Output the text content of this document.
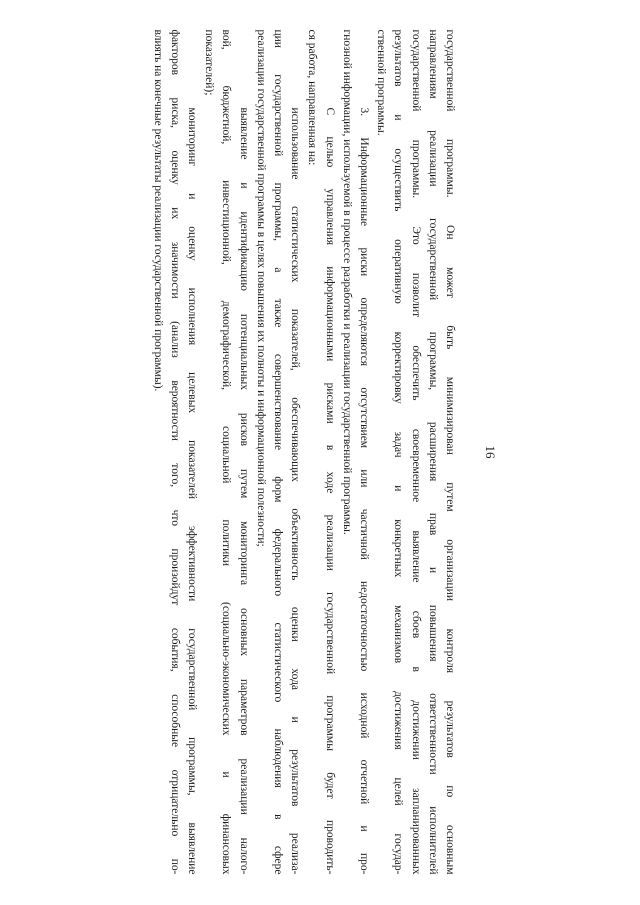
16
государственной программы. Он может быть минимизирован путем организации контроля результатов по основным
направлениям реализации государственной программы, расширения прав и повышения ответственности исполнителей
государственной программы. Это позволит обеспечить своевременное выявление сбоев в достижении запланированных
результатов и осуществить оперативную корректировку задач и конкретных механизмов достижения целей государ-
ственной программы.
3. Информационные риски определяются отсутствием или частичной недостаточностью исходной отчетной и про-
гнозной информации, используемой в процессе разработки и реализации государственной программы.
С целью управления информационными рисками в ходе реализации государственной программы будет проводить-
ся работа, направленная на:
использование статистических показателей, обеспечивающих объективность оценки хода и результатов реализа-
ции государственной программы, а также совершенствование форм федерального статистического наблюдения в сфере
реализации государственной программы в целях повышения их полноты и информационной полезности;
выявление и идентификацию потенциальных рисков путем мониторинга основных параметров реализации налого-
вой, бюджетной, инвестиционной, демографической, социальной политики (социально-экономических и финансовых
показателей);
мониторинг и оценку исполнения целевых показателей эффективности государственной программы, выявление
факторов риска, оценку их значимости (анализ вероятности того, что произойдут события, способные отрицательно по-
влиять на конечные результаты реализации государственной программы).
